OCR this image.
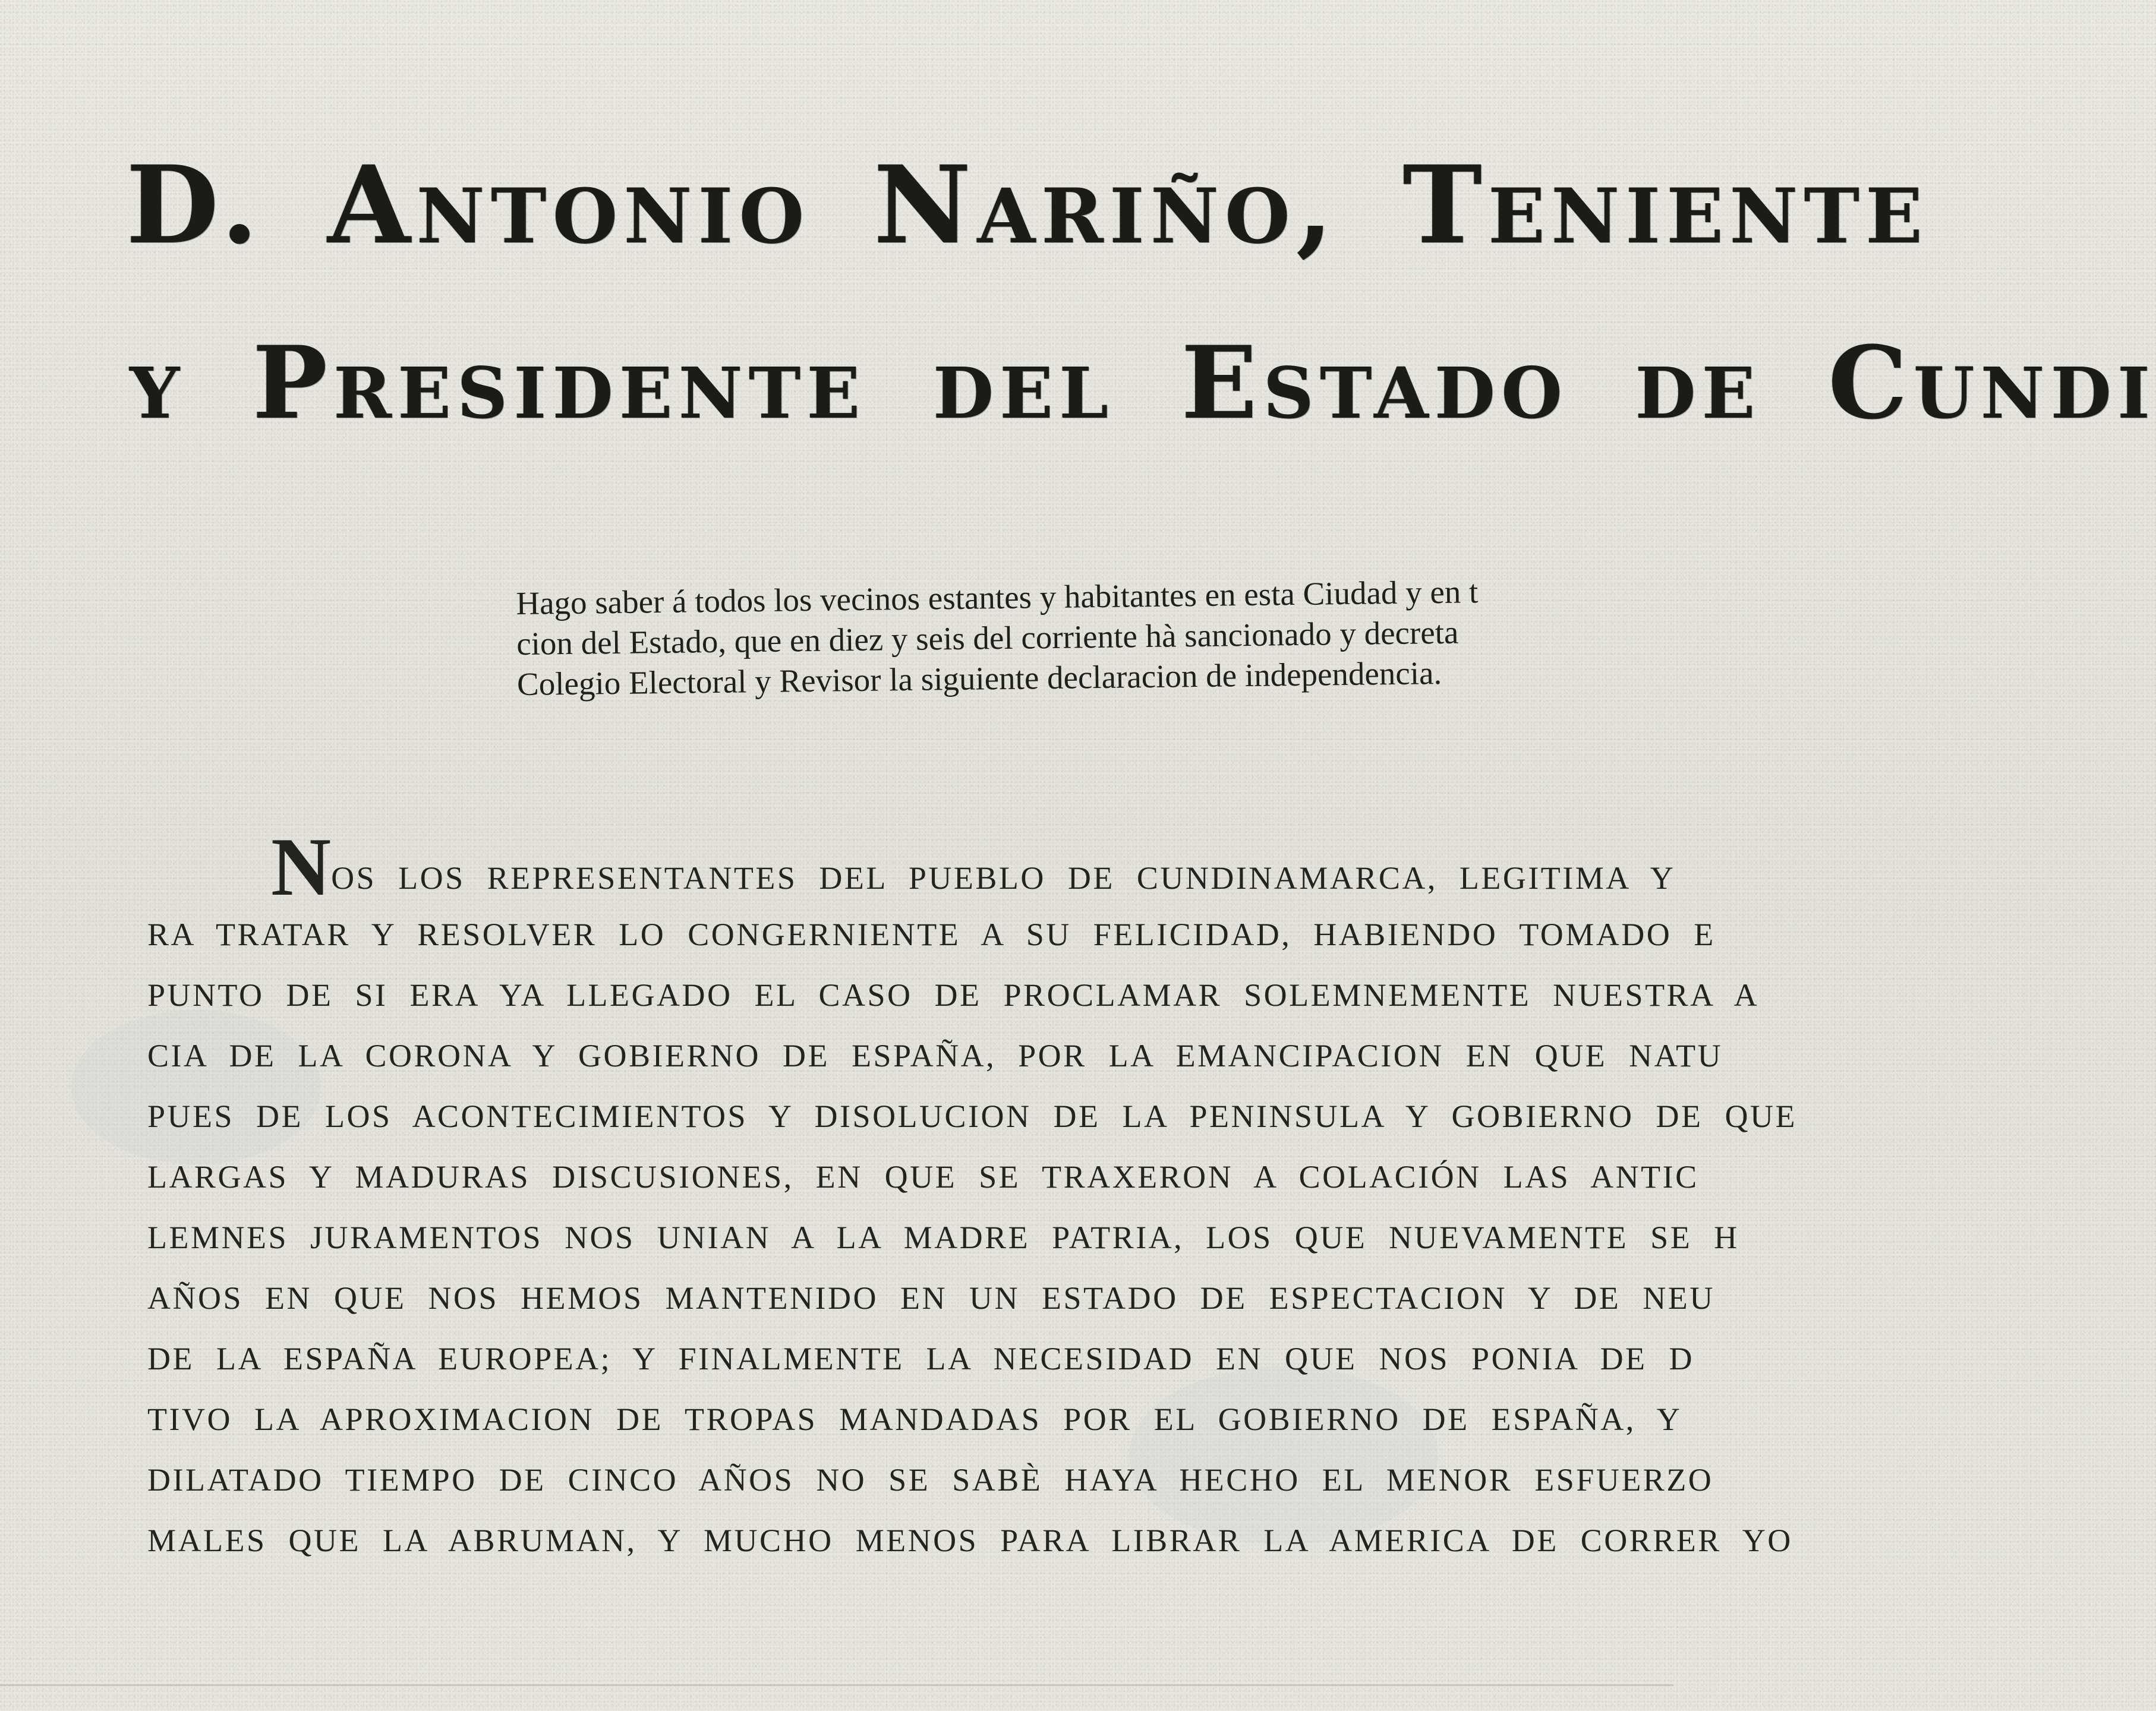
D. Antonio Nariño, Teniente
y Presidente del Estado de Cundi
Hago saber á todos los vecinos estantes y habitantes en esta Ciudad y en t
cion del Estado, que en diez y seis del corriente hà sancionado y decreta
Colegio Electoral y Revisor la siguiente declaracion de independencia.
NOS LOS REPRESENTANTES DEL PUEBLO DE CUNDINAMARCA, LEGITIMA Y
RA TRATAR Y RESOLVER LO CONGERNIENTE A SU FELICIDAD, HABIENDO TOMADO E
PUNTO DE SI ERA YA LLEGADO EL CASO DE PROCLAMAR SOLEMNEMENTE NUESTRA A
CIA DE LA CORONA Y GOBIERNO DE ESPAÑA, POR LA EMANCIPACION EN QUE NATU
PUES DE LOS ACONTECIMIENTOS Y DISOLUCION DE LA PENINSULA Y GOBIERNO DE QUE
LARGAS Y MADURAS DISCUSIONES, EN QUE SE TRAXERON A COLACIÓN LAS ANTIC
LEMNES JURAMENTOS NOS UNIAN A LA MADRE PATRIA, LOS QUE NUEVAMENTE SE H
AÑOS EN QUE NOS HEMOS MANTENIDO EN UN ESTADO DE ESPECTACION Y DE NEU
DE LA ESPAÑA EUROPEA; Y FINALMENTE LA NECESIDAD EN QUE NOS PONIA DE D
TIVO LA APROXIMACION DE TROPAS MANDADAS POR EL GOBIERNO DE ESPAÑA, Y
DILATADO TIEMPO DE CINCO AÑOS NO SE SABÈ HAYA HECHO EL MENOR ESFUERZO
MALES QUE LA ABRUMAN, Y MUCHO MENOS PARA LIBRAR LA AMERICA DE CORRER YO
